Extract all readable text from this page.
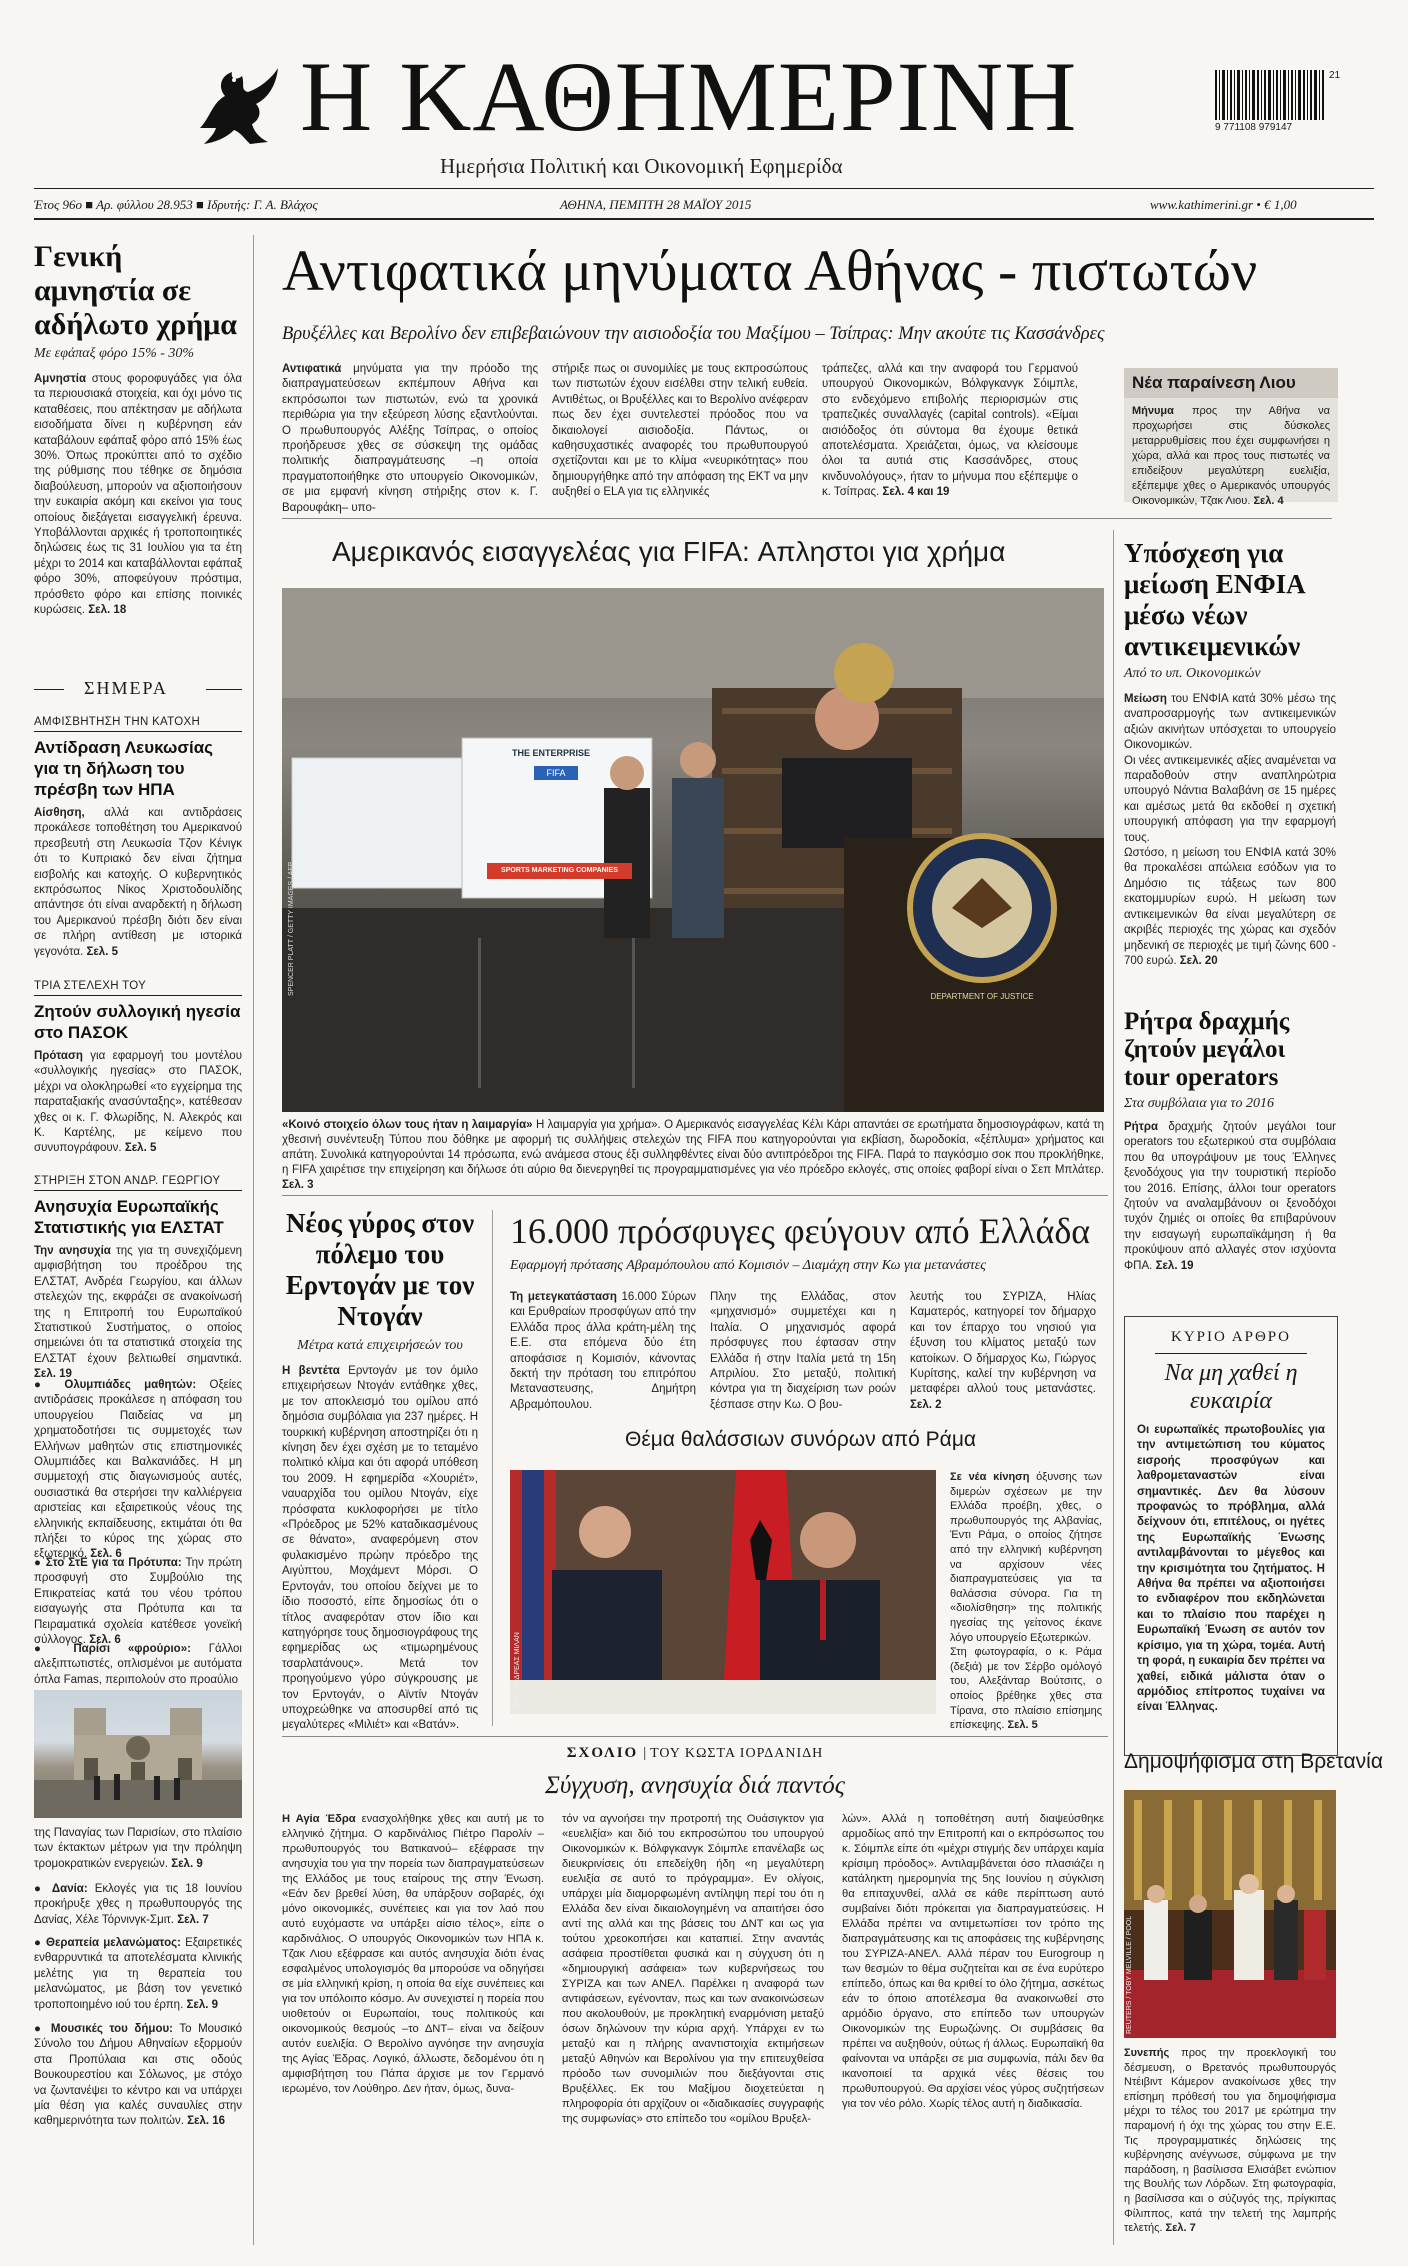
Η ΚΑΘΗΜΕΡΙΝΗ
Ημερήσια Πολιτική και Οικονομική Εφημερίδα
21
9 771108 979147
Έτος 96ο ■ Αρ. φύλλου 28.953 ■ Ιδρυτής: Γ. Α. Βλάχος	ΑΘΗΝΑ, ΠΕΜΠΤΗ 28 ΜΑΪΟΥ 2015	www.kathimerini.gr • € 1,00
Γενική αμνηστία σε αδήλωτο χρήμα

Με εφάπαξ φόρο 15% - 30%

Αμνηστία στους φοροφυγάδες για όλα τα περιουσιακά στοιχεία, και όχι μόνο τις καταθέσεις, που απέκτησαν με αδήλωτα εισοδήματα δίνει η κυβέρνηση εάν καταβάλουν εφάπαξ φόρο από 15% έως 30%. Όπως προκύπτει από το σχέδιο της ρύθμισης που τέθηκε σε δημόσια διαβούλευση, μπορούν να αξιοποιήσουν την ευκαιρία ακόμη και εκείνοι για τους οποίους διεξάγεται εισαγγελική έρευνα. Υποβάλλονται αρχικές ή τροποποιητικές δηλώσεις έως τις 31 Ιουλίου για τα έτη μέχρι το 2014 και καταβάλλονται εφάπαξ φόρο 30%, αποφεύγουν πρόστιμα, πρόσθετο φόρο και επίσης ποινικές κυρώσεις. Σελ. 18

ΣΗΜΕΡΑ

ΑΜΦΙΣΒΗΤΗΣΗ ΤΗΝ ΚΑΤΟΧΗ

Αντίδραση Λευκωσίας για τη δήλωση του πρέσβη των ΗΠΑ

Αίσθηση, αλλά και αντιδράσεις προκάλεσε τοποθέτηση του Αμερικανού πρεσβευτή στη Λευκωσία Τζον Κένιγκ ότι το Κυπριακό δεν είναι ζήτημα εισβολής και κατοχής. Ο κυβερνητικός εκπρόσωπος Νίκος Χριστοδουλίδης απάντησε ότι είναι αναρδεκτή η δήλωση του Αμερικανού πρέσβη διότι δεν είναι σε πλήρη αντίθεση με ιστορικά γεγονότα. Σελ. 5

ΤΡΙΑ ΣΤΕΛΕΧΗ ΤΟΥ

Ζητούν συλλογική ηγεσία στο ΠΑΣΟΚ

Πρόταση για εφαρμογή του μοντέλου «συλλογικής ηγεσίας» στο ΠΑΣΟΚ, μέχρι να ολοκληρωθεί «το εγχείρημα της παραταξιακής ανασύνταξης», κατέθεσαν χθες οι κ. Γ. Φλωρίδης, Ν. Αλεκρός και Κ. Καρτέλης, με κείμενο που συνυπογράφουν. Σελ. 5

ΣΤΗΡΙΞΗ ΣΤΟΝ ΑΝΔΡ. ΓΕΩΡΓΙΟΥ

Ανησυχία Ευρωπαϊκής Στατιστικής για ΕΛΣΤΑΤ

Την ανησυχία της για τη συνεχιζόμενη αμφισβήτηση του προέδρου της ΕΛΣΤΑΤ, Ανδρέα Γεωργίου, και άλλων στελεχών της, εκφράζει σε ανακοίνωσή της η Επιτροπή του Ευρωπαϊκού Στατιστικού Συστήματος, ο οποίος σημειώνει ότι τα στατιστικά στοιχεία της ΕΛΣΤΑΤ έχουν βελτιωθεί σημαντικά. Σελ. 19

● Ολυμπιάδες μαθητών: Οξείες αντιδράσεις προκάλεσε η απόφαση του υπουργείου Παιδείας να μη χρηματοδοτήσει τις συμμετοχές των Ελλήνων μαθητών στις επιστημονικές Ολυμπιάδες και Βαλκανιάδες. Η μη συμμετοχή στις διαγωνισμούς αυτές, ουσιαστικά θα στερήσει την καλλιέργεια αριστείας και εξαιρετικούς νέους της ελληνικής εκπαίδευσης, εκτιμάται ότι θα πλήξει το κύρος της χώρας στο εξωτερικό. Σελ. 6

● Στο ΣτΕ για τα Πρότυπα: Την πρώτη προσφυγή στο Συμβούλιο της Επικρατείας κατά του νέου τρόπου εισαγωγής στα Πρότυπα και τα Πειραματικά σχολεία κατέθεσε γονεϊκή σύλλογος. Σελ. 6

● Παρίσι «φρούριο»: Γάλλοι αλεξιπτωτιστές, οπλισμένοι με αυτόματα όπλα Famas, περιπολούν στο προαύλιο

της Παναγίας των Παρισίων, στο πλαίσιο των έκτακτων μέτρων για την πρόληψη τρομοκρατικών ενεργειών. Σελ. 9

● Δανία: Εκλογές για τις 18 Ιουνίου προκήρυξε χθες η πρωθυπουργός της Δανίας, Χέλε Τόρνινγκ-Σμιτ. Σελ. 7

● Θεραπεία μελανώματος: Εξαιρετικές ενθαρρυντικά τα αποτελέσματα κλινικής μελέτης για τη θεραπεία του μελανώματος, με βάση τον γενετικό τροποποιημένο ιού του έρπη. Σελ. 9

● Μουσικές του δήμου: Το Μουσικό Σύνολο του Δήμου Αθηναίων εξορμούν στα Προπύλαια και στις οδούς Βουκουρεστίου και Σόλωνος, με στόχο να ζωντανέψει το κέντρο και να υπάρχει μία θέση για καλές συναυλίες στην καθημερινότητα των πολιτών. Σελ. 16

Αντιφατικά μηνύματα Αθήνας - πιστωτών

Βρυξέλλες και Βερολίνο δεν επιβεβαιώνουν την αισιοδοξία του Μαξίμου – Τσίπρας: Μην ακούτε τις Κασσάνδρες

Αντιφατικά μηνύματα για την πρόοδο της διαπραγματεύσεων εκπέμπουν Αθήνα και εκπρόσωποι των πιστωτών, ενώ τα χρονικά περιθώρια για την εξεύρεση λύσης εξαντλούνται. Ο πρωθυπουργός Αλέξης Τσίπρας, ο οποίος προήδρευσε χθες σε σύσκεψη της ομάδας πολιτικής διαπραγμάτευσης –η οποία πραγματοποιήθηκε στο υπουργείο Οικονομικών, σε μια εμφανή κίνηση στήριξης στον κ. Γ. Βαρουφάκη– υπο-

στήριξε πως οι συνομιλίες με τους εκπροσώπους των πιστωτών έχουν εισέλθει στην τελική ευθεία. Αντιθέτως, οι Βρυξέλλες και το Βερολίνο ανέφεραν πως δεν έχει συντελεστεί πρόοδος που να δικαιολογεί αισιοδοξία. Πάντως, οι καθησυχαστικές αναφορές του πρωθυπουργού σχετίζονται και με το κλίμα «νευρικότητας» που δημιουργήθηκε από την απόφαση της ΕΚΤ να μην αυξηθεί ο ELA για τις ελληνικές

τράπεζες, αλλά και την αναφορά του Γερμανού υπουργού Οικονομικών, Βόλφγκανγκ Σόιμπλε, στο ενδεχόμενο επιβολής περιορισμών στις τραπεζικές συναλλαγές (capital controls). «Είμαι αισιόδοξος ότι σύντομα θα έχουμε θετικά αποτελέσματα. Χρειάζεται, όμως, να κλείσουμε όλοι τα αυτιά στις Κασσάνδρες, στους κινδυνολόγους», ήταν το μήνυμα που εξέπεμψε ο κ. Τσίπρας. Σελ. 4 και 19

Νέα παραίνεση Λιου

Μήνυμα προς την Αθήνα να προχωρήσει στις δύσκολες μεταρρυθμίσεις που έχει συμφωνήσει η χώρα, αλλά και προς τους πιστωτές να επιδείξουν μεγαλύτερη ευελιξία, εξέπεμψε χθες ο Αμερικανός υπουργός Οικονομικών, Τζακ Λιου. Σελ. 4

Αμερικανός εισαγγελέας για FIFA: Απληστοι για χρήμα
THE ENTERPRISE
FIFA
SPORTS MARKETING COMPANIES	$
DEPARTMENT OF JUSTICE
SPENCER PLATT / GETTY IMAGES / AFP

«Κοινό στοιχείο όλων τους ήταν η λαιμαργία» Η λαιμαργία για χρήμα». Ο Αμερικανός εισαγγελέας Κέλι Κάρι απαντάει σε ερωτήματα δημοσιογράφων, κατά τη χθεσινή συνέντευξη Τύπου που δόθηκε με αφορμή τις συλλήψεις στελεχών της FIFA που κατηγορούνται για εκβίαση, δωροδοκία, «ξέπλυμα» χρήματος και απάτη. Συνολικά κατηγορούνται 14 πρόσωπα, ενώ ανάμεσα στους έξι συλληφθέντες είναι δύο αντιπρόεδροι της FIFA. Παρά το παγκόσμιο σοκ που προκλήθηκε, η FIFA χαιρέτισε την επιχείρηση και δήλωσε ότι αύριο θα διενεργηθεί τις προγραμματισμένες για νέο πρόεδρο εκλογές, στις οποίες φαβορί είναι ο Σεπ Μπλάτερ. Σελ. 3

Υπόσχεση για μείωση ΕΝΦΙΑ μέσω νέων αντικειμενικών

Από το υπ. Οικονομικών

Μείωση του ΕΝΦΙΑ κατά 30% μέσω της αναπροσαρμογής των αντικειμενικών αξιών ακινήτων υπόσχεται το υπουργείο Οικονομικών.
Οι νέες αντικειμενικές αξίες αναμένεται να παραδοθούν στην αναπληρώτρια υπουργό Νάντια Βαλαβάνη σε 15 ημέρες και αμέσως μετά θα εκδοθεί η σχετική υπουργική απόφαση για την εφαρμογή τους.
Ωστόσο, η μείωση του ΕΝΦΙΑ κατά 30% θα προκαλέσει απώλεια εσόδων για το Δημόσιο τις τάξεως των 800 εκατομμυρίων ευρώ. Η μείωση των αντικειμενικών θα είναι μεγαλύτερη σε ακριβές περιοχές της χώρας και σχεδόν μηδενική σε περιοχές με τιμή ζώνης 600 - 700 ευρώ. Σελ. 20

Ρήτρα δραχμής ζητούν μεγάλοι tour operators

Στα συμβόλαια για το 2016

Ρήτρα δραχμής ζητούν μεγάλοι tour operators του εξωτερικού στα συμβόλαια που θα υπογράψουν με τους Έλληνες ξενοδόχους για την τουριστική περίοδο του 2016. Επίσης, άλλοι tour operators ζητούν να αναλαμβάνουν οι ξενοδόχοι τυχόν ζημιές οι οποίες θα επιβαρύνουν την εισαγωγή ευρωπαϊκάμηση ή θα προκύψουν από αλλαγές στον ισχύοντα ΦΠΑ. Σελ. 19

Νέος γύρος στον πόλεμο του Ερντογάν με τον Ντογάν

Μέτρα κατά επιχειρήσεών του

Η βεντέτα Ερντογάν με τον όμιλο επιχειρήσεων Ντογάν εντάθηκε χθες, με τον αποκλεισμό του ομίλου από δημόσια συμβόλαια για 237 ημέρες. Η τουρκική κυβέρνηση αποστηρίζει ότι η κίνηση δεν έχει σχέση με το τεταμένο πολιτικό κλίμα και ότι αφορά υπόθεση του 2009. Η εφημερίδα «Χουριέτ», ναυαρχίδα του ομίλου Ντογάν, είχε πρόσφατα κυκλοφορήσει με τίτλο «Πρόεδρος με 52% καταδικασμένους σε θάνατο», αναφερόμενη στον φυλακισμένο πρώην πρόεδρο της Αιγύπτου, Μοχάμεντ Μόρσι. Ο Ερντογάν, του οποίου δείχνει με το ίδιο ποσοστό, είπε δημοσίως ότι ο τίτλος αναφερόταν στον ίδιο και κατηγόρησε τους δημοσιογράφους της εφημερίδας ως «τιμωρημένους τσαρλατάνους». Μετά τον προηγούμενο γύρο σύγκρουσης με τον Ερντογάν, ο Αϊντίν Ντογάν υποχρεώθηκε να αποσυρθεί από τις μεγαλύτερες «Μιλιέτ» και «Βατάν».

16.000 πρόσφυγες φεύγουν από Ελλάδα

Εφαρμογή πρότασης Αβραμόπουλου από Κομισιόν – Διαμάχη στην Κω για μετανάστες

Τη μετεγκατάσταση 16.000 Σύρων και Ερυθραίων προσφύγων από την Ελλάδα προς άλλα κράτη-μέλη της Ε.Ε. στα επόμενα δύο έτη αποφάσισε η Κομισιόν, κάνοντας δεκτή την πρόταση του επιτρόπου Μεταναστευσης, Δημήτρη Αβραμόπουλου.

Πλην της Ελλάδας, στον «μηχανισμό» συμμετέχει και η Ιταλία. Ο μηχανισμός αφορά πρόσφυγες που έφτασαν στην Ελλάδα ή στην Ιταλία μετά τη 15η Απριλίου. Στο μεταξύ, πολιτική κόντρα για τη διαχείριση των ροών ξέσπασε στην Κω. Ο βου-

λευτής του ΣΥΡΙΖΑ, Ηλίας Καματερός, κατηγορεί τον δήμαρχο και τον έπαρχο του νησιού για έξυνση του κλίματος μεταξύ των κατοίκων. Ο δήμαρχος Κω, Γιώργος Κυρίτσης, καλεί την κυβέρνηση να μεταφέρει αλλού τους μετανάστες. Σελ. 2

Θέμα θαλάσσιων συνόρων από Ράμα
EPA / ΑΝΔΡΕΑΣ ΜΙΛΑΝ

Σε νέα κίνηση όξυνσης των διμερών σχέσεων με την Ελλάδα προέβη, χθες, ο πρωθυπουργός της Αλβανίας, Έντι Ράμα, ο οποίος ζήτησε από την ελληνική κυβέρνηση να αρχίσουν νέες διαπραγματεύσεις για τα θαλάσσια σύνορα. Για τη «διολίσθηση» της πολιτικής ηγεσίας της γείτονος έκανε λόγο υπουργείο Εξωτερικών.
Στη φωτογραφία, ο κ. Ράμα (δεξιά) με τον Σέρβο ομόλογό του, Αλεξάνταρ Βούτσιτς, ο οποίος βρέθηκε χθες στα Τίρανα, στο πλαίσιο επίσημης επίσκεψης. Σελ. 5

ΚΥΡΙΟ ΑΡΘΡΟ

Να μη χαθεί η ευκαιρία

Οι ευρωπαϊκές πρωτοβουλίες για την αντιμετώπιση του κύματος εισροής προσφύγων και λαθρομεταναστών είναι σημαντικές. Δεν θα λύσουν προφανώς το πρόβλημα, αλλά δείχνουν ότι, επιτέλους, οι ηγέτες της Ευρωπαϊκής Ένωσης αντιλαμβάνονται το μέγεθος και την κρισιμότητα του ζητήματος. Η Αθήνα θα πρέπει να αξιοποιήσει το ενδιαφέρον που εκδηλώνεται και το πλαίσιο που παρέχει η Ευρωπαϊκή Ένωση σε αυτόν τον κρίσιμο, για τη χώρα, τομέα. Αυτή τη φορά, η ευκαιρία δεν πρέπει να χαθεί, ειδικά μάλιστα όταν ο αρμόδιος επίτροπος τυχαίνει να είναι Έλληνας.

ΣΧΟΛΙΟ | ΤΟΥ ΚΩΣΤΑ ΙΟΡΔΑΝΙΔΗ
Σύγχυση, ανησυχία διά παντός

Η Αγία Έδρα ενασχολήθηκε χθες και αυτή με το ελληνικό ζήτημα. Ο καρδινάλιος Πιέτρο Παρολίν –πρωθυπουργός του Βατικανού– εξέφρασε την ανησυχία του για την πορεία των διαπραγματεύσεων της Ελλάδος με τους εταίρους της στην Ένωση. «Εάν δεν βρεθεί λύση, θα υπάρξουν σοβαρές, όχι μόνο οικονομικές, συνέπειες και για τον λαό που αυτό ευχόμαστε να υπάρξει αίσιο τέλος», είπε ο καρδινάλιος. Ο υπουργός Οικονομικών των ΗΠΑ κ. Τζακ Λιου εξέφρασε και αυτός ανησυχία διότι ένας εσφαλμένος υπολογισμός θα μπορούσε να οδηγήσει σε μία ελληνική κρίση, η οποία θα είχε συνέπειες και για τον υπόλοιπο κόσμο. Αν συνεχιστεί η πορεία που υιοθετούν οι Ευρωπαίοι, τους πολιτικούς και οικονομικούς θεσμούς –το ΔΝΤ– είναι να δείξουν αυτόν ευελιξία. Ο Βερολίνο αγνόησε την ανησυχία της Αγίας Έδρας. Λογικό, άλλωστε, δεδομένου ότι η αμφισβήτηση του Πάπα άρχισε με τον Γερμανό ιερωμένο, τον Λούθηρο. Δεν ήταν, όμως, δυνα-

τόν να αγνοήσει την προτροπή της Ουάσιγκτον για «ευελιξία» και διό του εκπροσώπου του υπουργού Οικονομικών κ. Βόλφγκανγκ Σόιμπλε επανέλαβε ως διευκρινίσεις ότι επεδείχθη ήδη «η μεγαλύτερη ευελιξία σε αυτό το πρόγραμμα». Εν ολίγοις, υπάρχει μία διαμορφωμένη αντίληψη περί του ότι η Ελλάδα δεν είναι δικαιολογημένη να απαιτήσει όσο αντί της αλλά και της βάσεις του ΔΝΤ και ως για τούτου χρεοκοπήσει και καταπιεί. Στην αναντάς ασάφεια προστίθεται φυσικά και η σύγχυση ότι η «δημιουργική ασάφεια» των κυβερνήσεως του ΣΥΡΙΖΑ και των ΑΝΕΛ. Παρέλκει η αναφορά των αντιφάσεων, εγένονταν, πως και των ανακοινώσεων που ακολουθούν, με προκλητική εναρμόνιση μεταξύ όσων δηλώνουν την κύρια αρχή. Υπάρχει εν τω μεταξύ και η πλήρης αναντιστοιχία εκτιμήσεων μεταξύ Αθηνών και Βερολίνου για την επιτευχθείσα πρόοδο των συνομιλιών που διεξάγονται στις Βρυξέλλες. Εκ του Μαξίμου διοχετεύεται η πληροφορία ότι αρχίζουν οι «διαδικασίες συγγραφής της συμφωνίας» στο επίπεδο του «ομίλου Βρυξελ-

λών». Αλλά η τοποθέτηση αυτή διαψεύσθηκε αρμοδίως από την Επιτροπή και ο εκπρόσωπος του κ. Σόιμπλε είπε ότι «μέχρι στιγμής δεν υπάρχει καμία κρίσιμη πρόοδος». Αντιλαμβάνεται όσο πλασιάζει η κατάληκτη ημερομηνία της 5ης Ιουνίου η σύγκλιση θα επιταχυνθεί, αλλά σε κάθε περίπτωση αυτό συμβαίνει διότι πρόκειται για διαπραγματεύσεις. Η Ελλάδα πρέπει να αντιμετωπίσει τον τρόπο της διαπραγμάτευσης και τις αποφάσεις της κυβέρνησης του ΣΥΡΙΖΑ-ΑΝΕΛ. Αλλά πέραν του Eurogroup η των θεσμών το θέμα συζητείται και σε ένα ευρύτερο επίπεδο, όπως και θα κριθεί το όλο ζήτημα, ασκέτως εάν το όποιο αποτέλεσμα θα ανακοινωθεί στο αρμόδιο όργανο, στο επίπεδο των υπουργών Οικονομικών της Ευρωζώνης. Οι συμβάσεις θα πρέπει να αυξηθούν, ούτως ή άλλως. Ευρωπαϊκή θα φαίνονται να υπάρξει σε μια συμφωνία, πάλι δεν θα ικανοποιεί τα αρχικά νέες θέσεις του πρωθυπουργού. Θα αρχίσει νέος γύρος συζητήσεων για τον νέο ρόλο. Χωρίς τέλος αυτή η διαδικασία.

Δημοψήφισμα στη Βρετανία
REUTERS / TOBY MELVILLE / POOL

Συνεπής προς την προεκλογική του δέσμευση, ο Βρετανός πρωθυπουργός Ντέιβιντ Κάμερον ανακοίνωσε χθες την επίσημη πρόθεσή του για δημοψήφισμα μέχρι το τέλος του 2017 με ερώτημα την παραμονή ή όχι της χώρας του στην Ε.Ε. Τις προγραμματικές δηλώσεις της κυβέρνησης ανέγνωσε, σύμφωνα με την παράδοση, η βασίλισσα Ελισάβετ ενώπιον της Βουλής των Λόρδων. Στη φωτογραφία, η βασίλισσα και ο σύζυγός της, πρίγκιπας Φίλιππος, κατά την τελετή της λαμπρής τελετής. Σελ. 7
